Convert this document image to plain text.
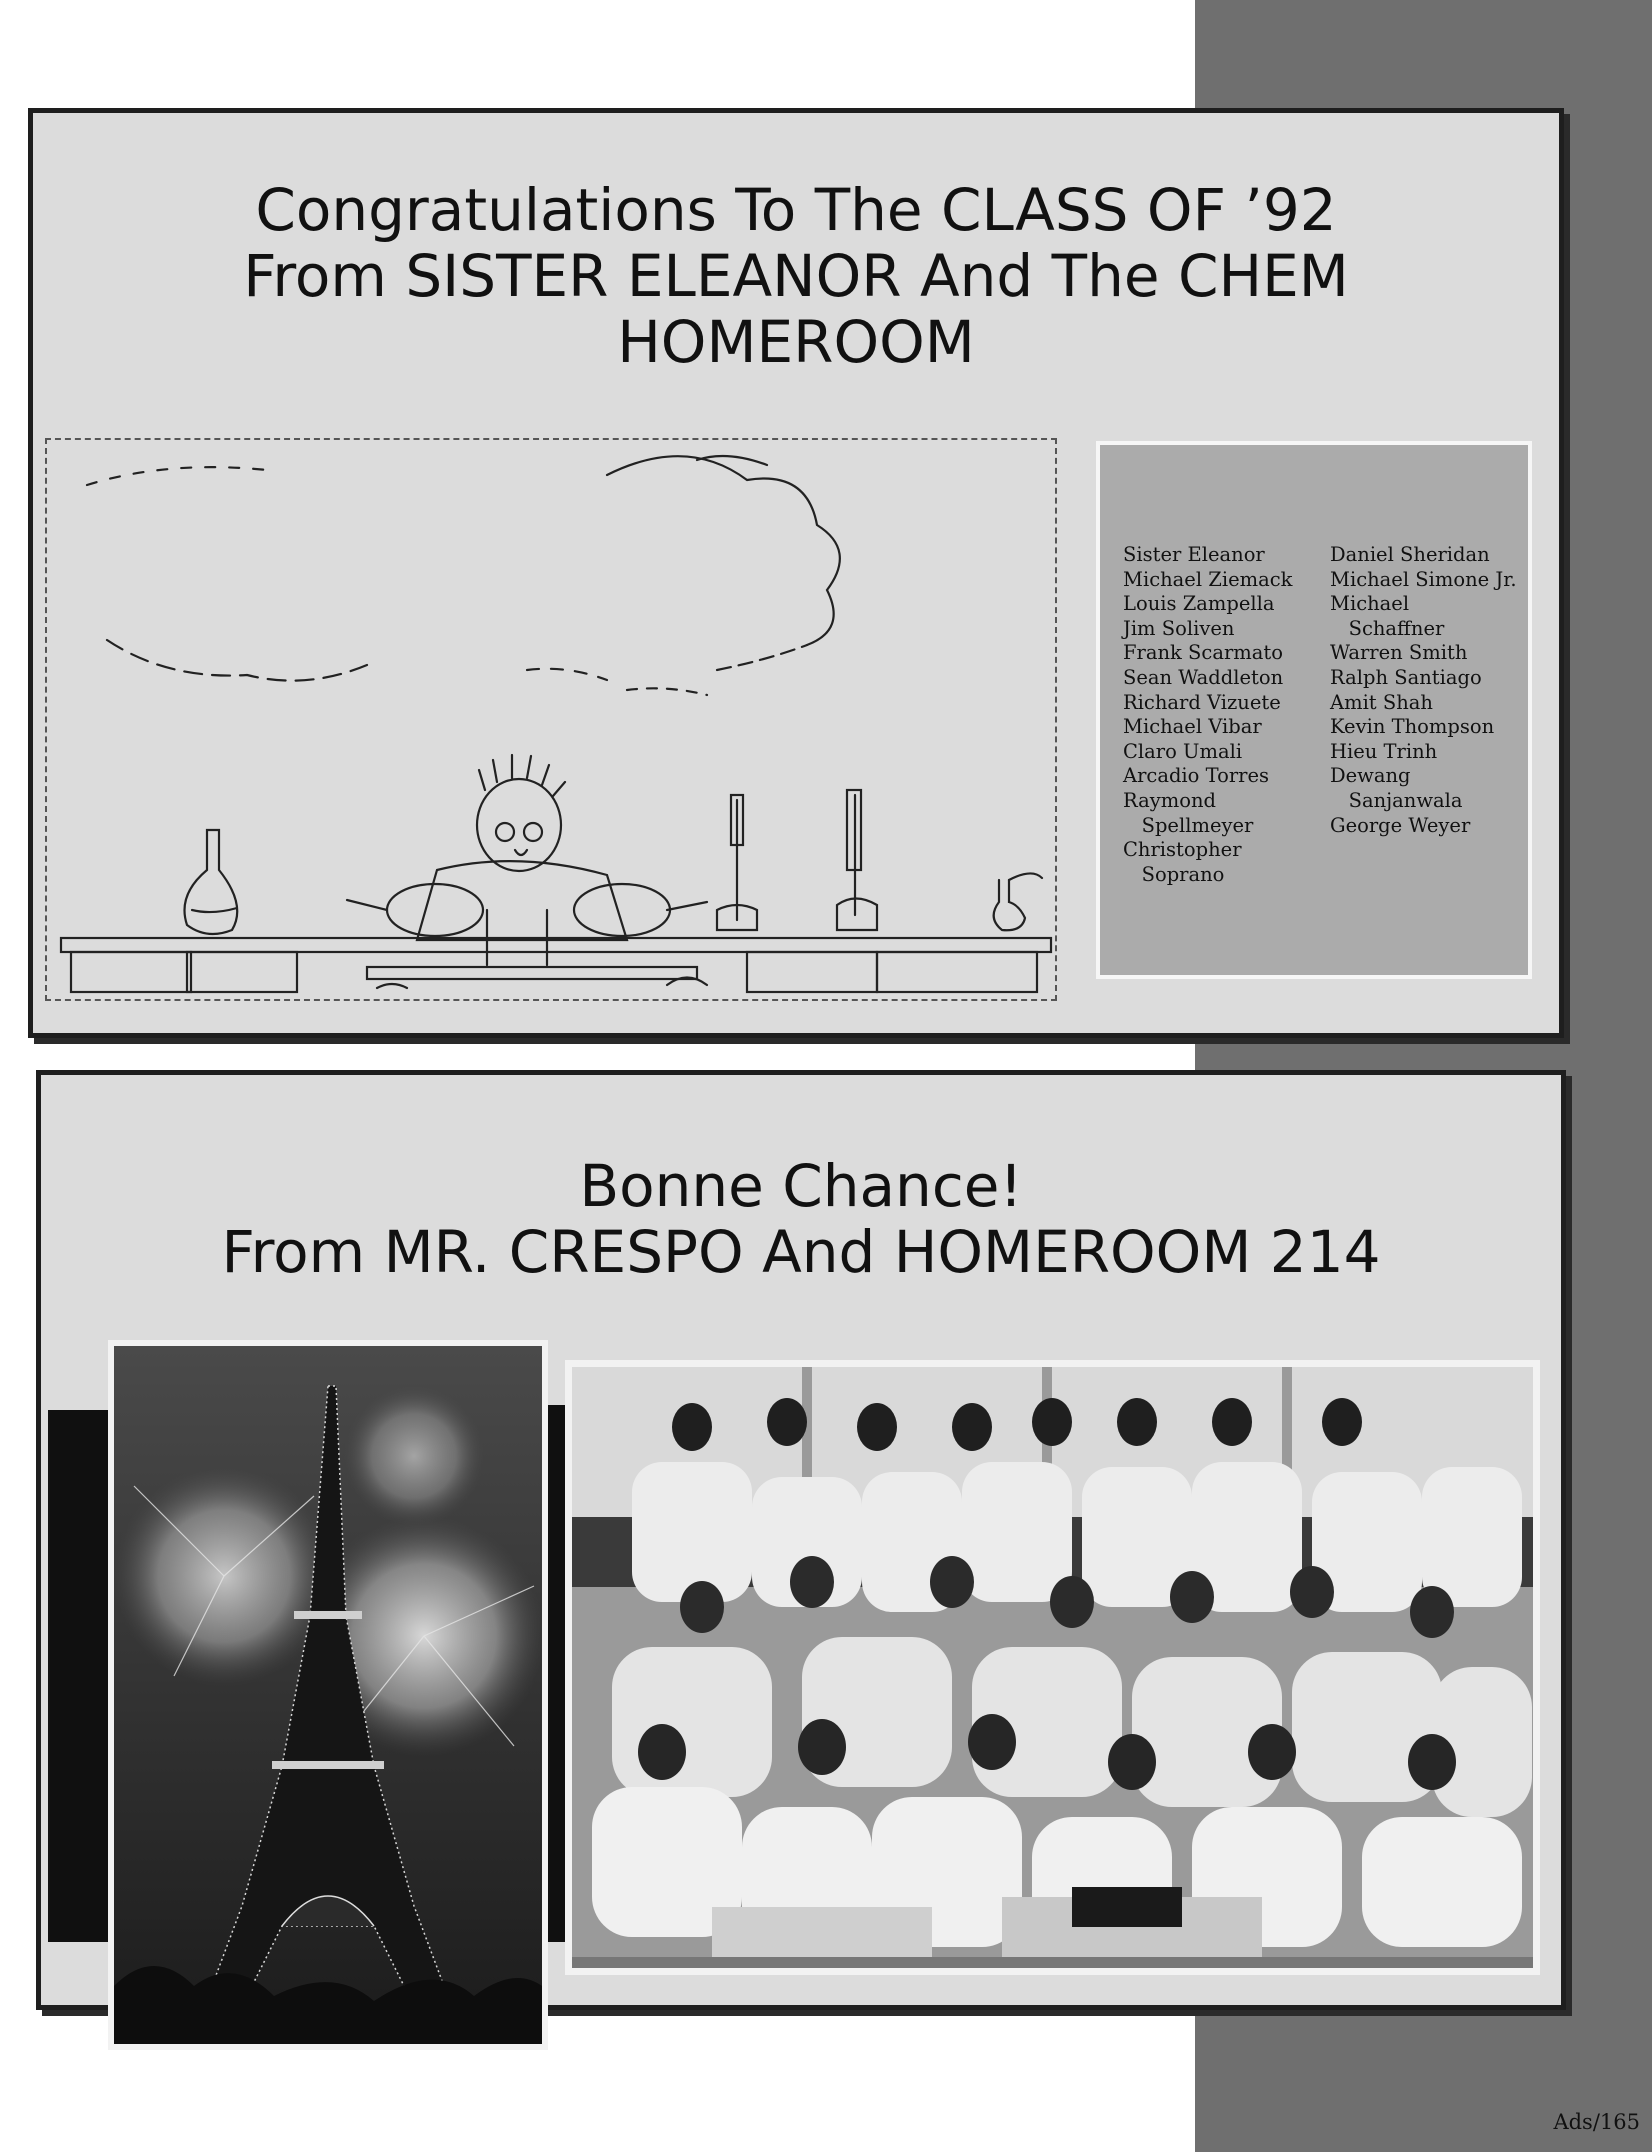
Congratulations To The CLASS OF ’92
From SISTER ELEANOR And The CHEM
HOMEROOM
Sister Eleanor
Michael Ziemack
Louis Zampella
Jim Soliven
Frank Scarmato
Sean Waddleton
Richard Vizuete
Michael Vibar
Claro Umali
Arcadio Torres
Raymond
Spellmeyer
Christopher
Soprano
Daniel Sheridan
Michael Simone Jr.
Michael
Schaffner
Warren Smith
Ralph Santiago
Amit Shah
Kevin Thompson
Hieu Trinh
Dewang
Sanjanwala
George Weyer
Bonne Chance!
From MR. CRESPO And HOMEROOM 214
Ads/165
